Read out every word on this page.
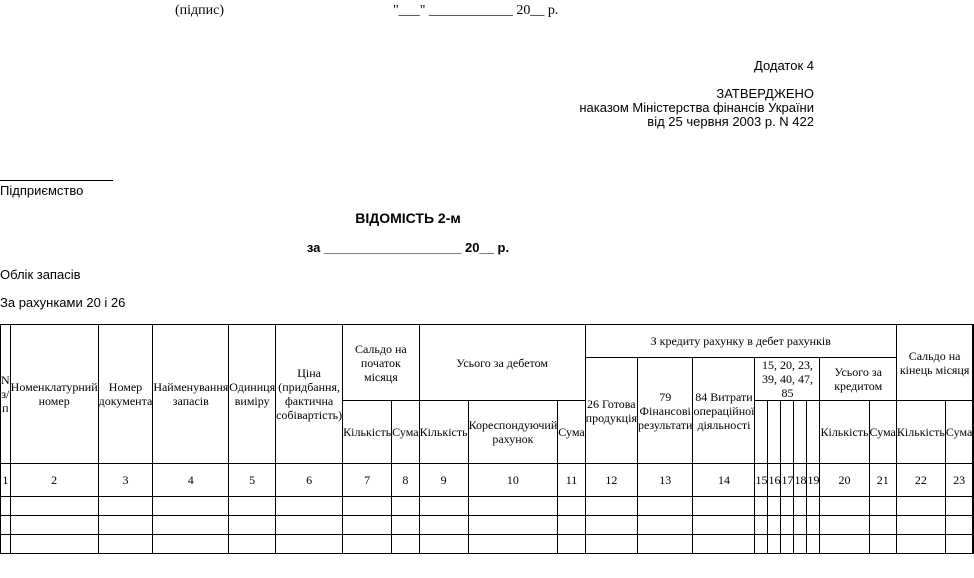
(підпис)	"___" ____________ 20__ р.
Додаток 4
ЗАТВЕРДЖЕНО
наказом Міністерства фінансів України
від 25 червня 2003 р. N 422
Підприємство
ВІДОМІСТЬ 2-м
за ___________________ 20__ р.
Облік запасів
За рахунками 20 і 26
N з/п	Номенклатурний номер	Номер документа	Найменування запасів	Одиниця виміру	Ціна (придбання, фактична собівартість)	Сальдо на початок місяця		Усього за дебетом			З кредиту рахунку в дебет рахунків										Сальдо на кінець місяця		
											26 Готова продукція	79 Фінансові результати	84 Витрати операційної діяльності	15, 20, 23, 39, 40, 47, 85					Усього за кредитом				
						Кількість	Сума	Кількість	Кореспондуючий рахунок	Сума									Кількість	Сума	Кількість	Сума	
1	2	3	4	5	6	7	8	9	10	11	12	13	14	15	16	17	18	19	20	21	22	23	
